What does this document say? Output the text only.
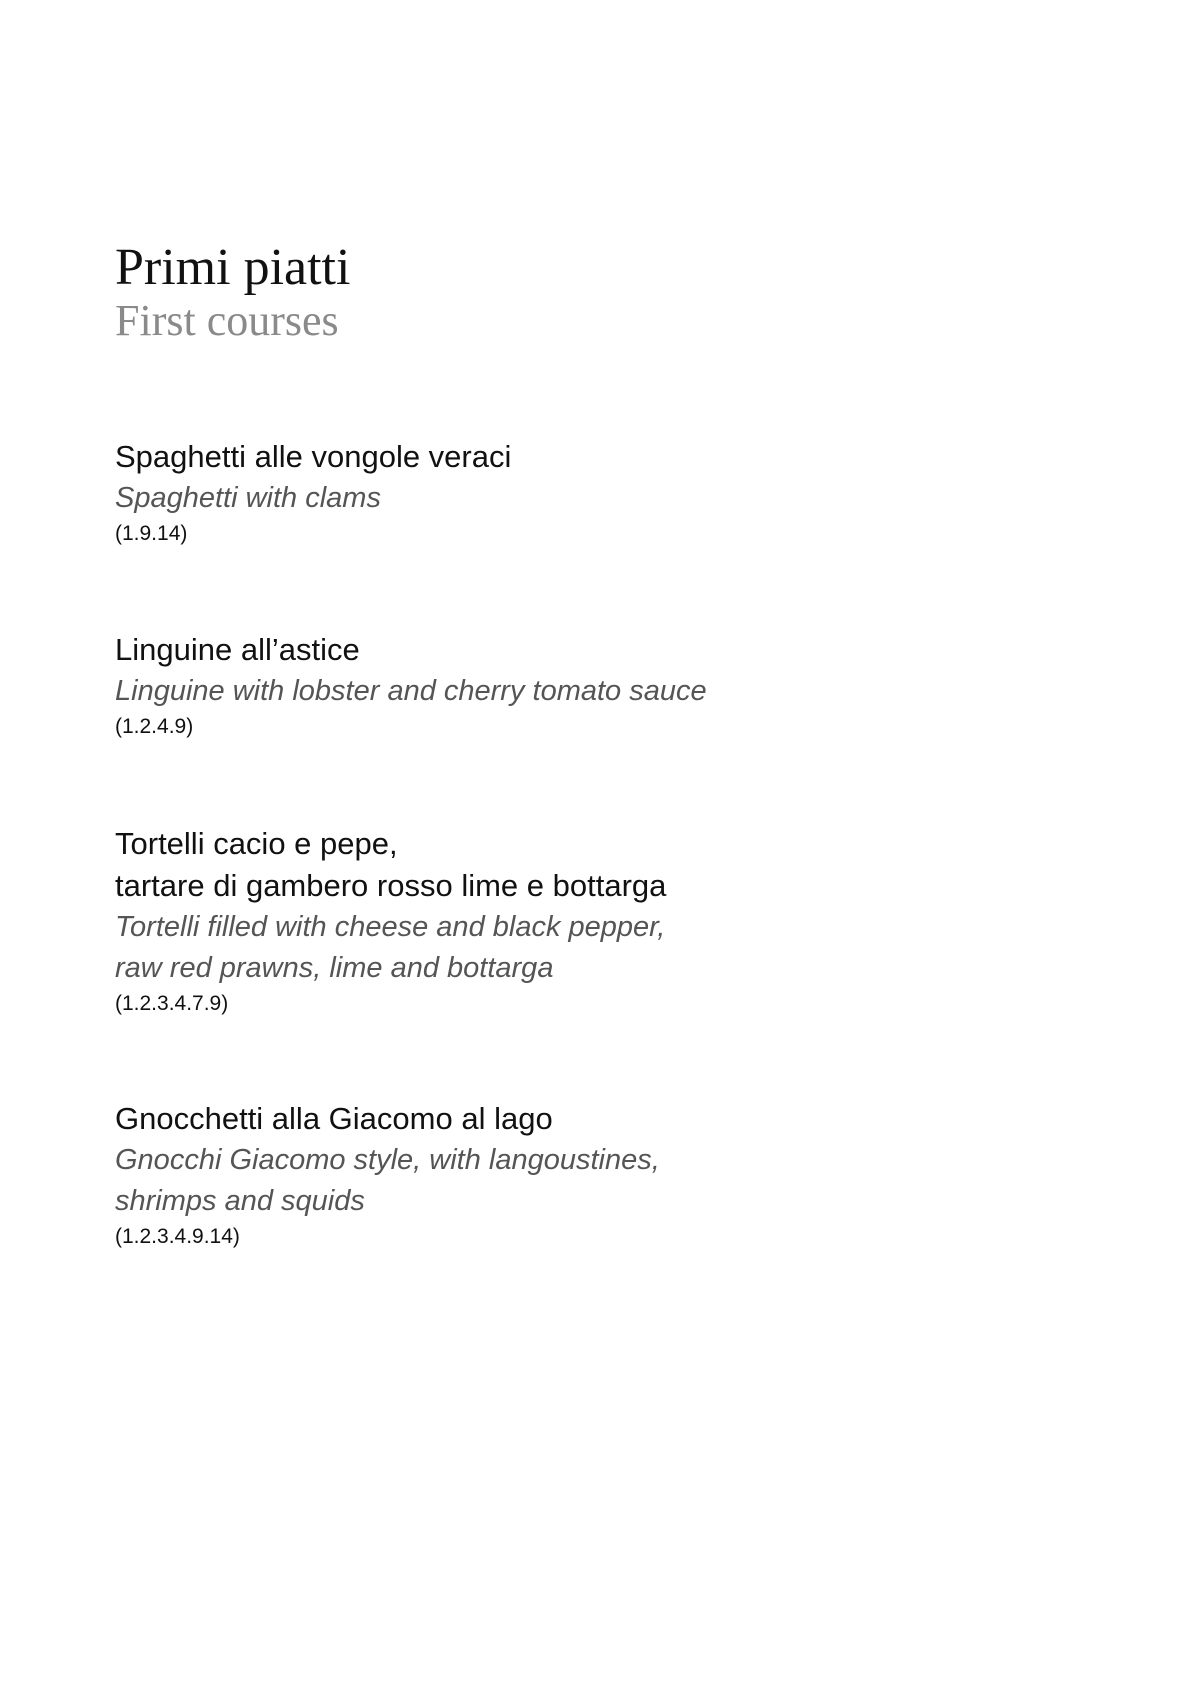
Primi piatti
First courses
Spaghetti alle vongole veraci
Spaghetti with clams
(1.9.14)
Linguine all’astice
Linguine with lobster and cherry tomato sauce
(1.2.4.9)
Tortelli cacio e pepe,
tartare di gambero rosso lime e bottarga
Tortelli filled with cheese and black pepper,
raw red prawns, lime and bottarga
(1.2.3.4.7.9)
Gnocchetti alla Giacomo al lago
Gnocchi Giacomo style, with langoustines,
shrimps and squids
(1.2.3.4.9.14)
